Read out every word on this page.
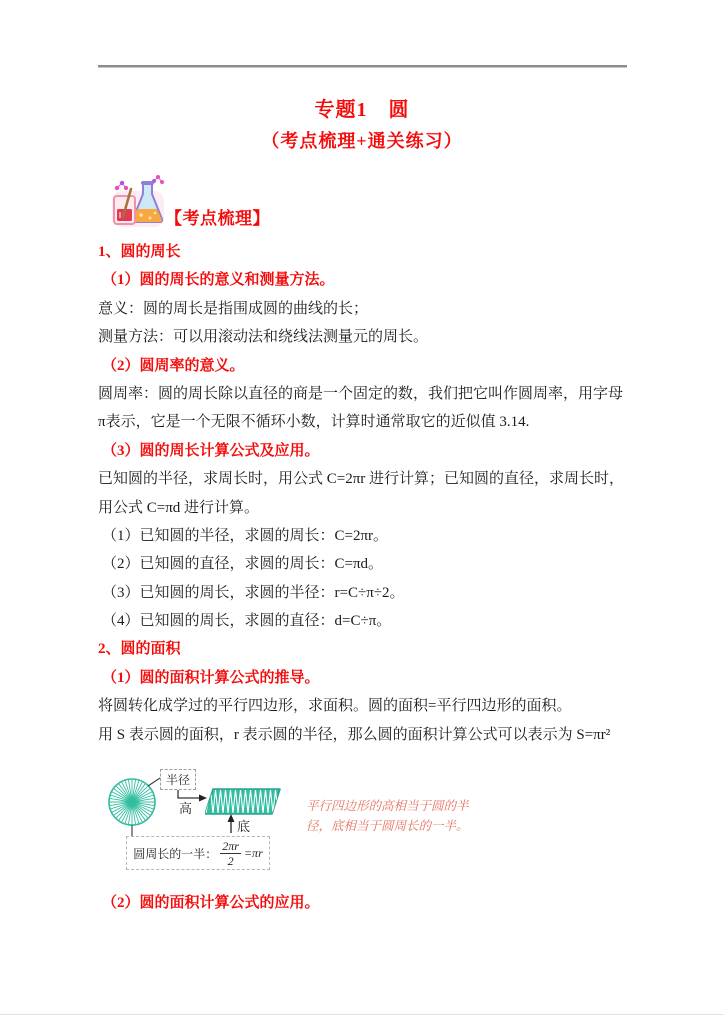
专题1　圆
（考点梳理+通关练习）
【考点梳理】

1、圆的周长

（1）圆的周长的意义和测量方法。

意义：圆的周长是指围成圆的曲线的长；

测量方法：可以用滚动法和绕线法测量元的周长。

（2）圆周率的意义。

圆周率：圆的周长除以直径的商是一个固定的数，我们把它叫作圆周率，用字母

π表示，它是一个无限不循环小数，计算时通常取它的近似值 3.14.

（3）圆的周长计算公式及应用。

已知圆的半径，求周长时，用公式 C=2πr 进行计算；已知圆的直径，求周长时，

用公式 C=πd 进行计算。

（1）已知圆的半径，求圆的周长：C=2πr。

（2）已知圆的直径，求圆的周长：C=πd。

（3）已知圆的周长，求圆的半径：r=C÷π÷2。

（4）已知圆的周长，求圆的直径：d=C÷π。

2、圆的面积

（1）圆的面积计算公式的推导。

将圆转化成学过的平行四边形，求面积。圆的面积=平行四边形的面积。

用 S 表示圆的面积，r 表示圆的半径，那么圆的面积计算公式可以表示为 S=πr²

半径
高
底
圆周长的一半： $\frac{2\pi r}{2} =\pi r$
平行四边形的高相当于圆的半
径，底相当于圆周长的一半。

（2）圆的面积计算公式的应用。
